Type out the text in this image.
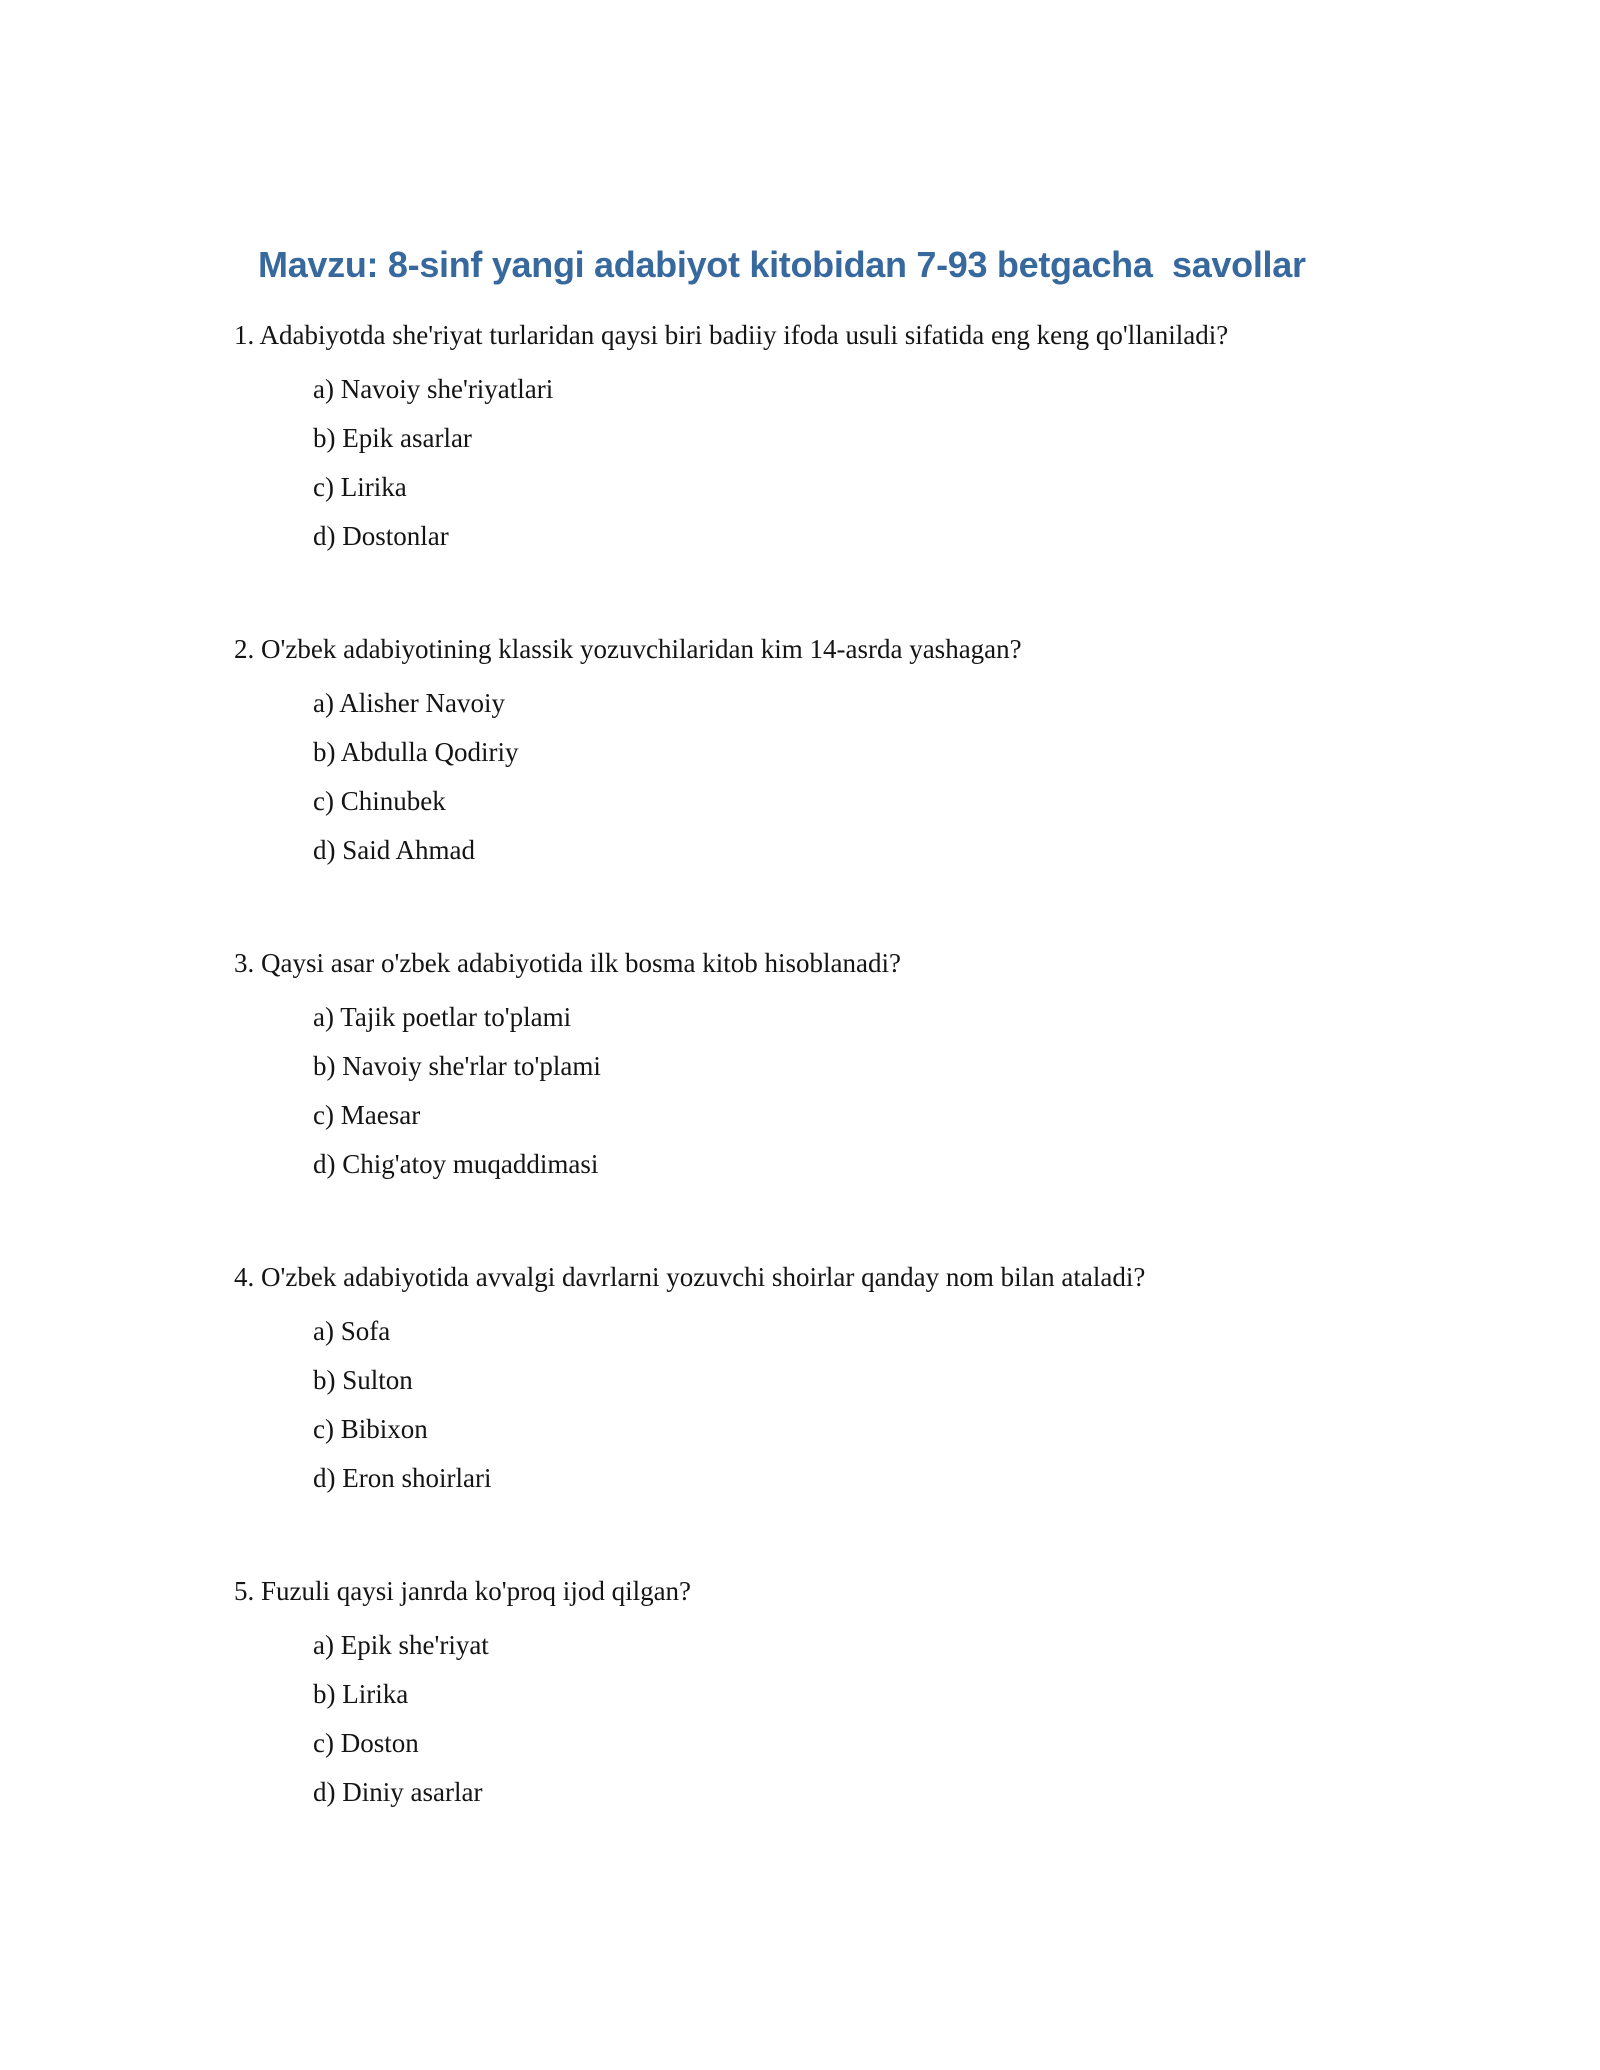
Mavzu: 8-sinf yangi adabiyot kitobidan 7-93 betgacha  savollar

1. Adabiyotda she'riyat turlaridan qaysi biri badiiy ifoda usuli sifatida eng keng qo'llaniladi?

a) Navoiy she'riyatlari

b) Epik asarlar

c) Lirika

d) Dostonlar

2. O'zbek adabiyotining klassik yozuvchilaridan kim 14-asrda yashagan?

a) Alisher Navoiy

b) Abdulla Qodiriy

c) Chinubek

d) Said Ahmad

3. Qaysi asar o'zbek adabiyotida ilk bosma kitob hisoblanadi?

a) Tajik poetlar to'plami

b) Navoiy she'rlar to'plami

c) Maesar

d) Chig'atoy muqaddimasi

4. O'zbek adabiyotida avvalgi davrlarni yozuvchi shoirlar qanday nom bilan ataladi?

a) Sofa

b) Sulton

c) Bibixon

d) Eron shoirlari

5. Fuzuli qaysi janrda ko'proq ijod qilgan?

a) Epik she'riyat

b) Lirika

c) Doston

d) Diniy asarlar
